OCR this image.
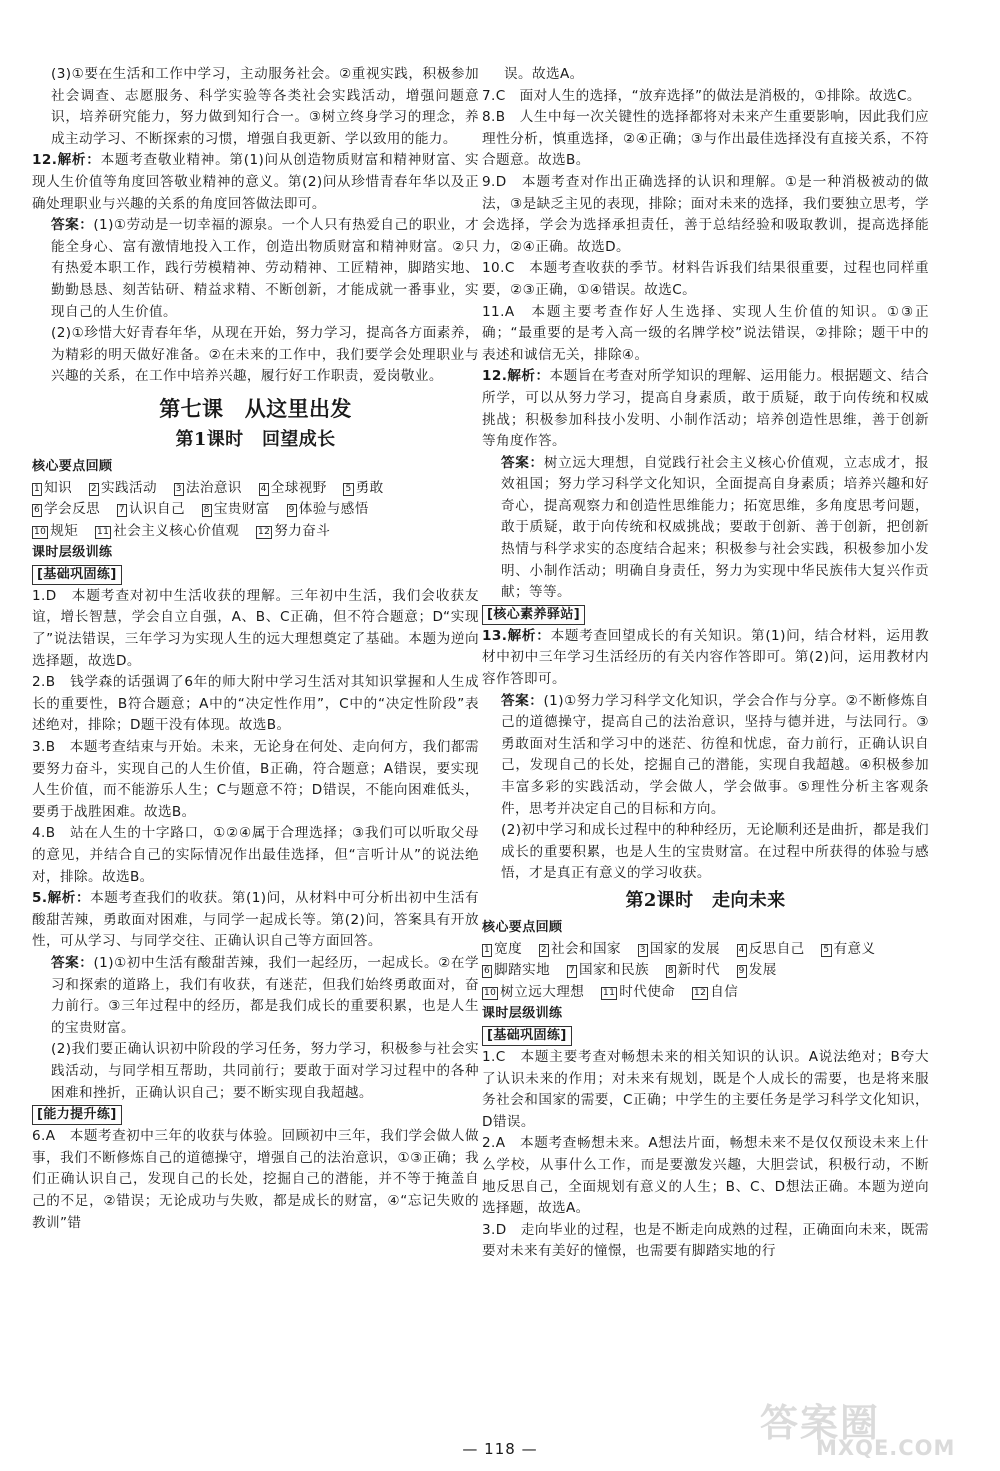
(3)①要在生活和工作中学习，主动服务社会。②重视实践，积极参加社会调查、志愿服务、科学实验等各类社会实践活动，增强问题意识，培养研究能力，努力做到知行合一。③树立终身学习的理念，养成主动学习、不断探索的习惯，增强自我更新、学以致用的能力。

12.解析：本题考查敬业精神。第(1)问从创造物质财富和精神财富、实现人生价值等角度回答敬业精神的意义。第(2)问从珍惜青春年华以及正确处理职业与兴趣的关系的角度回答做法即可。

答案：(1)①劳动是一切幸福的源泉。一个人只有热爱自己的职业，才能全身心、富有激情地投入工作，创造出物质财富和精神财富。②只有热爱本职工作，践行劳模精神、劳动精神、工匠精神，脚踏实地、勤勤恳恳、刻苦钻研、精益求精、不断创新，才能成就一番事业，实现自己的人生价值。

(2)①珍惜大好青春年华，从现在开始，努力学习，提高各方面素养，为精彩的明天做好准备。②在未来的工作中，我们要学会处理职业与兴趣的关系，在工作中培养兴趣，履行好工作职责，爱岗敬业。

第七课　从这里出发
第1课时　回望成长

核心要点回顾

1 知识 2 实践活动 3 法治意识 4 全球视野 5 勇敢
6 学会反思 7 认识自己 8 宝贵财富 9 体验与感悟
10 规矩 11 社会主义核心价值观 12 努力奋斗

课时层级训练

[基础巩固练]

1.D　本题考查对初中生活收获的理解。三年初中生活，我们会收获友谊，增长智慧，学会自立自强，A、B、C正确，但不符合题意；D“实现了”说法错误，三年学习为实现人生的远大理想奠定了基础。本题为逆向选择题，故选D。

2.B　钱学森的话强调了6年的师大附中学习生活对其知识掌握和人生成长的重要性，B符合题意；A中的“决定性作用”，C中的“决定性阶段”表述绝对，排除；D题干没有体现。故选B。

3.B　本题考查结束与开始。未来，无论身在何处、走向何方，我们都需要努力奋斗，实现自己的人生价值，B正确，符合题意；A错误，要实现人生价值，而不能游乐人生；C与题意不符；D错误，不能向困难低头，要勇于战胜困难。故选B。

4.B　站在人生的十字路口，①②④属于合理选择；③我们可以听取父母的意见，并结合自己的实际情况作出最佳选择，但“言听计从”的说法绝对，排除。故选B。

5.解析：本题考查我们的收获。第(1)问，从材料中可分析出初中生活有酸甜苦辣，勇敢面对困难，与同学一起成长等。第(2)问，答案具有开放性，可从学习、与同学交往、正确认识自己等方面回答。

答案：(1)①初中生活有酸甜苦辣，我们一起经历，一起成长。②在学习和探索的道路上，我们有收获，有迷茫，但我们始终勇敢面对，奋力前行。③三年过程中的经历，都是我们成长的重要积累，也是人生的宝贵财富。

(2)我们要正确认识初中阶段的学习任务，努力学习，积极参与社会实践活动，与同学相互帮助，共同前行；要敢于面对学习过程中的各种困难和挫折，正确认识自己；要不断实现自我超越。

[能力提升练]

6.A　本题考查初中三年的收获与体验。回顾初中三年，我们学会做人做事，我们不断修炼自己的道德操守，增强自己的法治意识，①③正确；我们正确认识自己，发现自己的长处，挖掘自己的潜能，并不等于掩盖自己的不足，②错误；无论成功与失败，都是成长的财富，④“忘记失败的教训”错

误。故选A。

7.C　面对人生的选择，“放弃选择”的做法是消极的，①排除。故选C。

8.B　人生中每一次关键性的选择都将对未来产生重要影响，因此我们应理性分析，慎重选择，②④正确；③与作出最佳选择没有直接关系，不符合题意。故选B。

9.D　本题考查对作出正确选择的认识和理解。①是一种消极被动的做法，③是缺乏主见的表现，排除；面对未来的选择，我们要独立思考，学会选择，学会为选择承担责任，善于总结经验和吸取教训，提高选择能力，②④正确。故选D。

10.C　本题考查收获的季节。材料告诉我们结果很重要，过程也同样重要，②③正确，①④错误。故选C。

11.A　本题主要考查作好人生选择、实现人生价值的知识。①③正确；“最重要的是考入高一级的名牌学校”说法错误，②排除；题干中的表述和诚信无关，排除④。

12.解析：本题旨在考查对所学知识的理解、运用能力。根据题文、结合所学，可以从努力学习，提高自身素质，敢于质疑，敢于向传统和权威挑战；积极参加科技小发明、小制作活动；培养创造性思维，善于创新等角度作答。

答案：树立远大理想，自觉践行社会主义核心价值观，立志成才，报效祖国；努力学习科学文化知识，全面提高自身素质；培养兴趣和好奇心，提高观察力和创造性思维能力；拓宽思维，多角度思考问题，敢于质疑，敢于向传统和权威挑战；要敢于创新、善于创新，把创新热情与科学求实的态度结合起来；积极参与社会实践，积极参加小发明、小制作活动；明确自身责任，努力为实现中华民族伟大复兴作贡献；等等。

[核心素养驿站]

13.解析：本题考查回望成长的有关知识。第(1)问，结合材料，运用教材中初中三年学习生活经历的有关内容作答即可。第(2)问，运用教材内容作答即可。

答案：(1)①努力学习科学文化知识，学会合作与分享。②不断修炼自己的道德操守，提高自己的法治意识，坚持与德并进，与法同行。③勇敢面对生活和学习中的迷茫、彷徨和忧虑，奋力前行，正确认识自己，发现自己的长处，挖掘自己的潜能，实现自我超越。④积极参加丰富多彩的实践活动，学会做人，学会做事。⑤理性分析主客观条件，思考并决定自己的目标和方向。

(2)初中学习和成长过程中的种种经历，无论顺利还是曲折，都是我们成长的重要积累，也是人生的宝贵财富。在过程中所获得的体验与感悟，才是真正有意义的学习收获。

第2课时　走向未来

核心要点回顾

1 宽度 2 社会和国家 3 国家的发展 4 反思自己 5 有意义
6 脚踏实地 7 国家和民族 8 新时代 9 发展
10 树立远大理想 11 时代使命 12 自信

课时层级训练

[基础巩固练]

1.C　本题主要考查对畅想未来的相关知识的认识。A说法绝对；B夸大了认识未来的作用；对未来有规划，既是个人成长的需要，也是将来服务社会和国家的需要，C正确；中学生的主要任务是学习科学文化知识，D错误。

2.A　本题考查畅想未来。A想法片面，畅想未来不是仅仅预设未来上什么学校，从事什么工作，而是要激发兴趣，大胆尝试，积极行动，不断地反思自己，全面规划有意义的人生；B、C、D想法正确。本题为逆向选择题，故选A。

3.D　走向毕业的过程，也是不断走向成熟的过程，正确面向未来，既需要对未来有美好的憧憬，也需要有脚踏实地的行

— 118 —
答案圈
MXQE.COM
